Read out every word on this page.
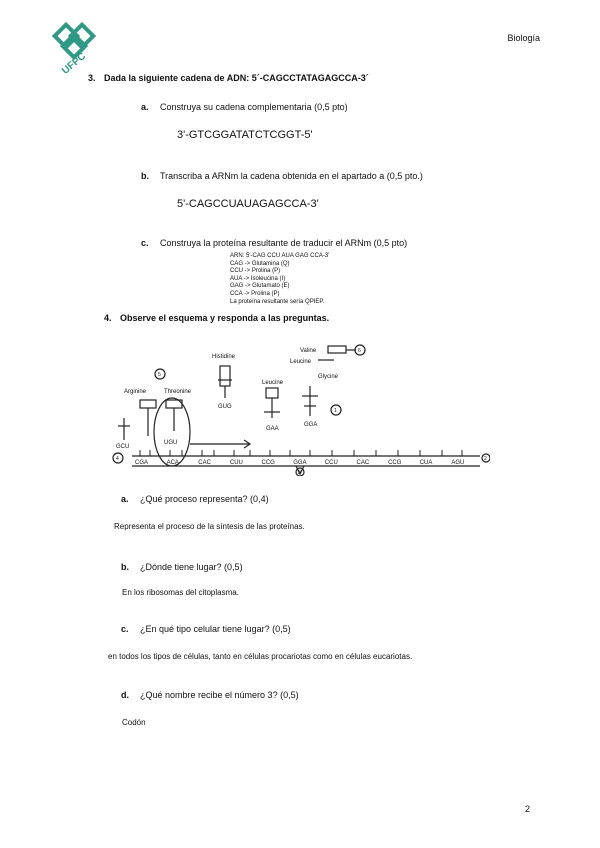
UFPC
Biología
3. Dada la siguiente cadena de ADN: 5´-CAGCCTATAGAGCCA-3´
a. Construya su cadena complementaria (0,5 pto)
3'-GTCGGATATCTCGGT-5'
b. Transcriba a ARNm la cadena obtenida en el apartado a (0,5 pto.)
5'-CAGCCUAUAGAGCCA-3'
c. Construya la proteína resultante de traducir el ARNm (0,5 pto)
ARN: 5'-CAG CCU AUA GAG CCA-3'
CAG -> Glutamina (Q)
CCU -> Prolina (P)
AUA -> Isoleucina (I)
GAG -> Glutamato (E)
CCA -> Prolina (P)
La proteína resultante sería QPIEP.
4. Observe el esquema y responda a las preguntas.
Histidine
Valine
Leucine
Glycine
Arginine	Threonine
Leucine
GUG
GAA
GGA
GCU
UGU
5
6
1
4	2
3
CGA	ACA	CAC	CUU	CCG	GGA	CCU	CAC	CCG	CUA	AGU
a. ¿Qué proceso representa? (0,4)
Representa el proceso de la síntesis de las proteínas.
b. ¿Dónde tiene lugar? (0,5)
En los ribosomas del citoplasma.
c. ¿En qué tipo celular tiene lugar? (0,5)
en todos los tipos de células, tanto en células procariotas como en células eucariotas.
d. ¿Qué nombre recibe el número 3? (0,5)
Codón
2
